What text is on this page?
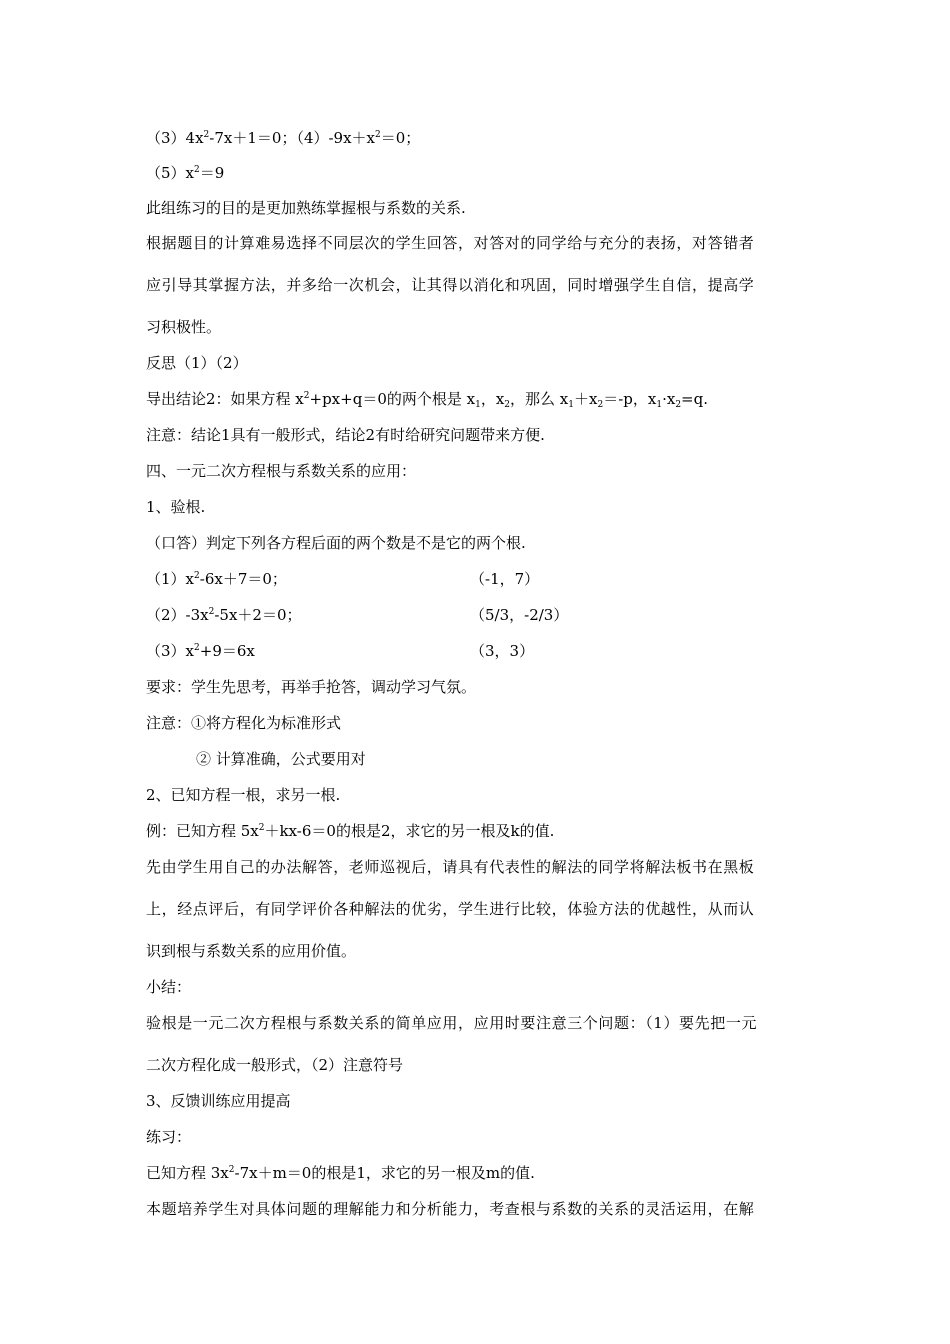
$(3)4x^2-7x+1=0$；$(4)-9x+x^2=0$；
$(5)x^2=9$
此组练习的目的是更加熟练掌握根与系数的关系.
根据题目的计算难易选择不同层次的学生回答，对答对的同学给与充分的表扬，对答错者
应引导其掌握方法，并多给一次机会，让其得以消化和巩固，同时增强学生自信，提高学
习积极性。
反思（1）（2）
导出结论2：如果方程 $x^2+px+q=0$的两个根是 $x_1$，$x_2$，那么 $x_1+x_2=-p$，$x_1\cdot x_2=q$.
注意：结论1具有一般形式，结论2有时给研究问题带来方便.
四、一元二次方程根与系数关系的应用：
1、验根.
（口答）判定下列各方程后面的两个数是不是它的两个根.
$(1)x^2-6x+7=0$；	（-1，7）
$(2)-3x^2-5x+2=0$；	（5/3，-2/3）
$(3)x^2+9=6x$	（3，3）
要求：学生先思考，再举手抢答，调动学习气氛。
注意：①将方程化为标准形式
② 计算准确，公式要用对
2、已知方程一根，求另一根.
例：已知方程 $5x^2+kx-6=0$的根是2，求它的另一根及k的值.
先由学生用自己的办法解答，老师巡视后，请具有代表性的解法的同学将解法板书在黑板
上，经点评后，有同学评价各种解法的优劣，学生进行比较，体验方法的优越性，从而认
识到根与系数关系的应用价值。
小结：
验根是一元二次方程根与系数关系的简单应用，应用时要注意三个问题：（1）要先把一元
二次方程化成一般形式，（2）注意符号
3、反馈训练应用提高
练习：
已知方程 $3x^2-7x+m=0$的根是1，求它的另一根及m的值.
本题培养学生对具体问题的理解能力和分析能力，考查根与系数的关系的灵活运用，在解
